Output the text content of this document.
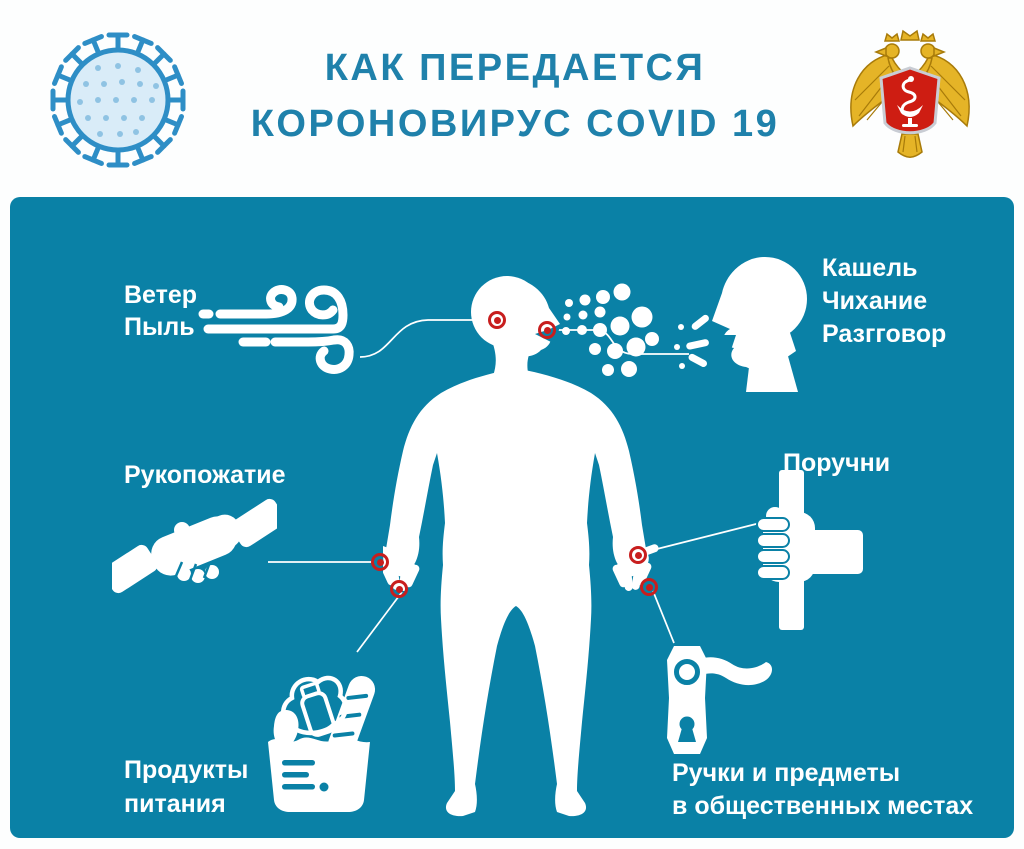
КАК ПЕРЕДАЕТСЯ
КОРОНОВИРУС COVID 19
Ветер
Пыль
Кашель
Чихание
Разгговор
Рукопожатие	Поручни
Продукты
питания
Ручки и предметы
в общественных местах
